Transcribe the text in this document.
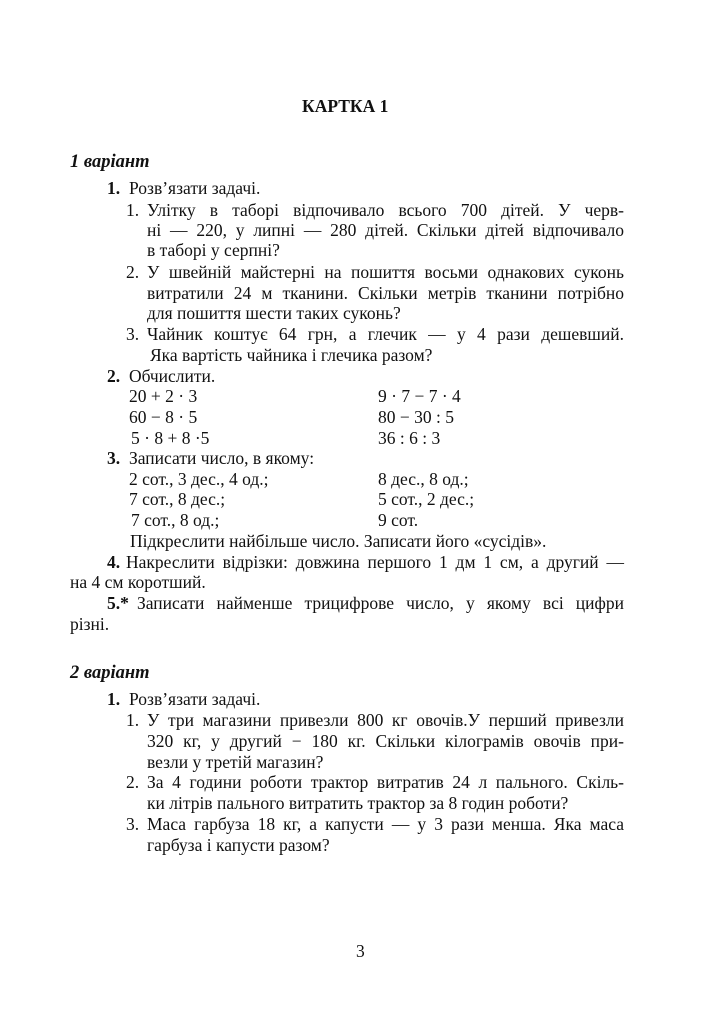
КАРТКА 1
1 варіант
1. Розв’язати задачі.
1. Улітку в таборі відпочивало всього 700 дітей. У черв-
ні — 220, у липні — 280 дітей. Скільки дітей відпочивало
в таборі у серпні?
2. У швейній майстерні на пошиття восьми однакових суконь
витратили 24 м тканини. Скільки метрів тканини потрібно
для пошиття шести таких суконь?
3. Чайник коштує 64 грн, а глечик — у 4 рази дешевший.
Яка вартість чайника і глечика разом?
2. Обчислити.
20 + 2 · 3
60 − 8 · 5
5 · 8 + 8 ·5
9 · 7 − 7 · 4
80 − 30 : 5
36 : 6 : 3
3. Записати число, в якому:
2 сот., 3 дес., 4 од.;
7 сот., 8 дес.;
7 сот., 8 од.;
8 дес., 8 од.;
5 сот., 2 дес.;
9 сот.
Підкреслити найбільше число. Записати його «сусідів».
4. Накреслити відрізки: довжина першого 1 дм 1 см, а другий —
на 4 см коротший.
5.* Записати найменше трицифрове число, у якому всі цифри
різні.
2 варіант
1. Розв’язати задачі.
1. У три магазини привезли 800 кг овочів.У перший привезли
320 кг, у другий − 180 кг. Скільки кілограмів овочів при-
везли у третій магазин?
2. За 4 години роботи трактор витратив 24 л пального. Скіль-
ки літрів пального витратить трактор за 8 годин роботи?
3. Маса гарбуза 18 кг, а капусти — у 3 рази менша. Яка маса
гарбуза і капусти разом?
3
